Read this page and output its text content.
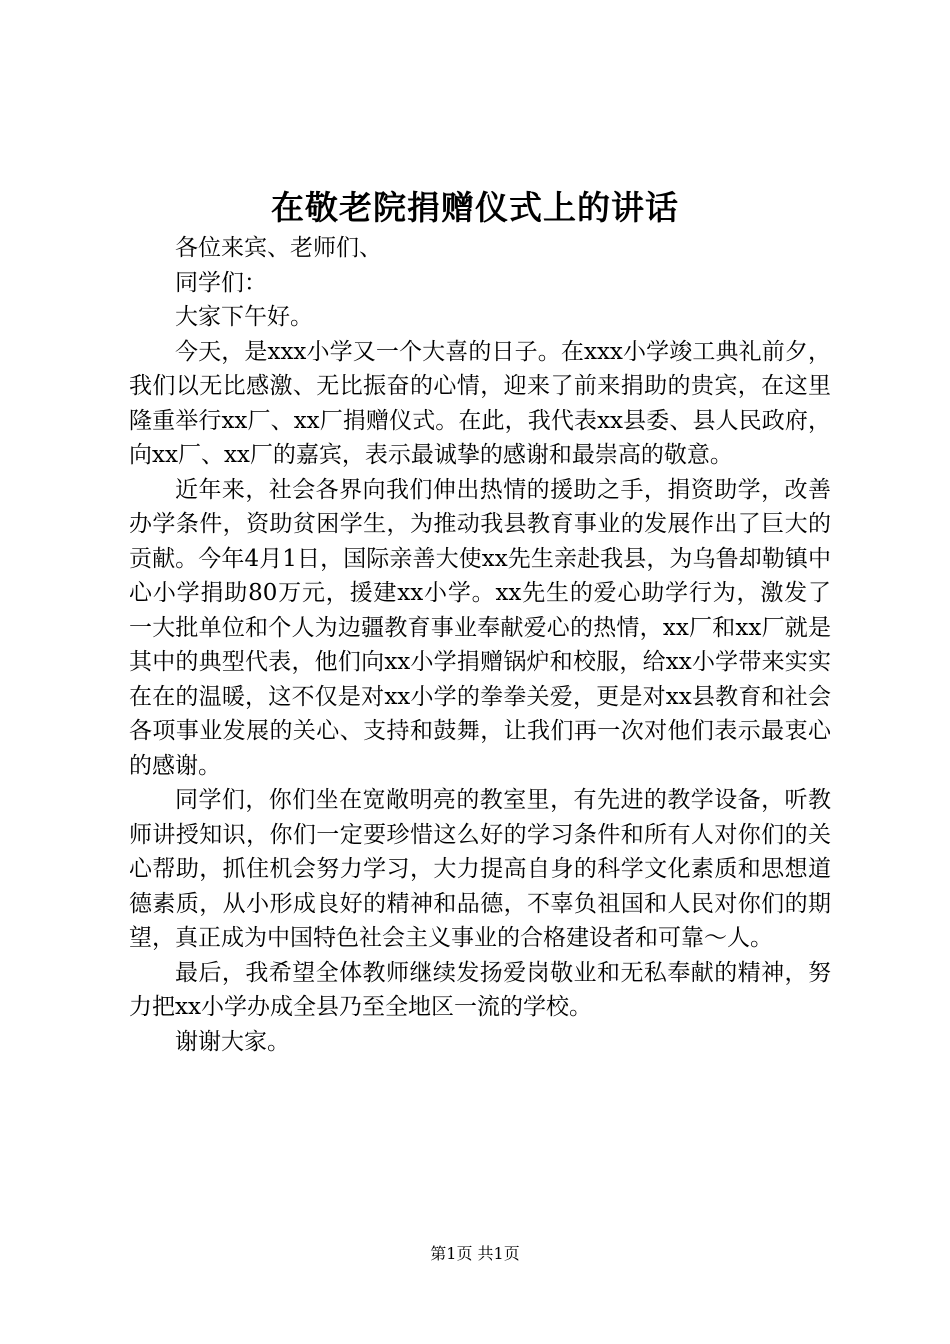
在敬老院捐赠仪式上的讲话

各位来宾、老师们、

同学们：

大家下午好。

今天，是xxx小学又一个大喜的日子。在xxx小学竣工典礼前夕，我们以无比感激、无比振奋的心情，迎来了前来捐助的贵宾，在这里隆重举行xx厂、xx厂捐赠仪式。在此，我代表xx县委、县人民政府，向xx厂、xx厂的嘉宾，表示最诚挚的感谢和最崇高的敬意。

近年来，社会各界向我们伸出热情的援助之手，捐资助学，改善办学条件，资助贫困学生，为推动我县教育事业的发展作出了巨大的贡献。今年4月1日，国际亲善大使xx先生亲赴我县，为乌鲁却勒镇中心小学捐助80万元，援建xx小学。xx先生的爱心助学行为，激发了一大批单位和个人为边疆教育事业奉献爱心的热情，xx厂和xx厂就是其中的典型代表，他们向xx小学捐赠锅炉和校服，给xx小学带来实实在在的温暖，这不仅是对xx小学的拳拳关爱，更是对xx县教育和社会各项事业发展的关心、支持和鼓舞，让我们再一次对他们表示最衷心的感谢。

同学们，你们坐在宽敞明亮的教室里，有先进的教学设备，听教师讲授知识，你们一定要珍惜这么好的学习条件和所有人对你们的关心帮助，抓住机会努力学习，大力提高自身的科学文化素质和思想道德素质，从小形成良好的精神和品德，不辜负祖国和人民对你们的期望，真正成为中国特色社会主义事业的合格建设者和可靠～人。

最后，我希望全体教师继续发扬爱岗敬业和无私奉献的精神，努力把xx小学办成全县乃至全地区一流的学校。

谢谢大家。

第1页 共1页
